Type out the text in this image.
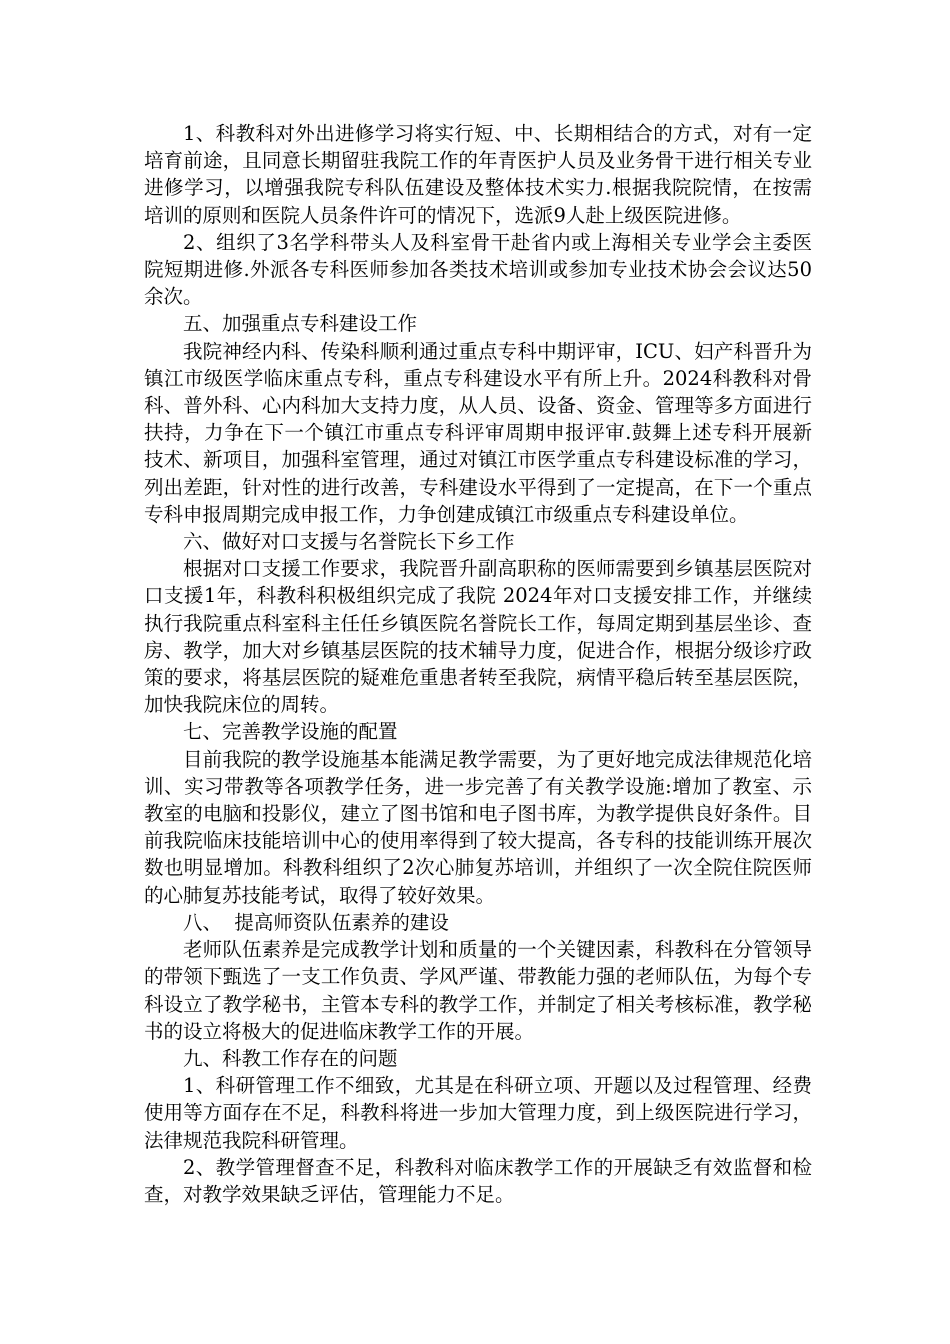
1、科教科对外出进修学习将实行短、中、长期相结合的方式，对有一定培育前途，且同意长期留驻我院工作的年青医护人员及业务骨干进行相关专业进修学习，以增强我院专科队伍建设及整体技术实力.根据我院院情，在按需培训的原则和医院人员条件许可的情况下，选派9人赴上级医院进修。

2、组织了3名学科带头人及科室骨干赴省内或上海相关专业学会主委医院短期进修.外派各专科医师参加各类技术培训或参加专业技术协会会议达50余次。

五、加强重点专科建设工作

我院神经内科、传染科顺利通过重点专科中期评审，ICU、妇产科晋升为镇江市级医学临床重点专科，重点专科建设水平有所上升。2024科教科对骨科、普外科、心内科加大支持力度，从人员、设备、资金、管理等多方面进行扶持，力争在下一个镇江市重点专科评审周期申报评审.鼓舞上述专科开展新技术、新项目，加强科室管理，通过对镇江市医学重点专科建设标准的学习，列出差距，针对性的进行改善，专科建设水平得到了一定提高，在下一个重点专科申报周期完成申报工作，力争创建成镇江市级重点专科建设单位。

六、做好对口支援与名誉院长下乡工作

根据对口支援工作要求，我院晋升副高职称的医师需要到乡镇基层医院对口支援1年，科教科积极组织完成了我院 2024年对口支援安排工作，并继续执行我院重点科室科主任任乡镇医院名誉院长工作，每周定期到基层坐诊、查房、教学，加大对乡镇基层医院的技术辅导力度，促进合作，根据分级诊疗政策的要求，将基层医院的疑难危重患者转至我院，病情平稳后转至基层医院，加快我院床位的周转。

七、完善教学设施的配置

目前我院的教学设施基本能满足教学需要，为了更好地完成法律规范化培训、实习带教等各项教学任务，进一步完善了有关教学设施:增加了教室、示教室的电脑和投影仪，建立了图书馆和电子图书库，为教学提供良好条件。目前我院临床技能培训中心的使用率得到了较大提高，各专科的技能训练开展次数也明显增加。科教科组织了2次心肺复苏培训，并组织了一次全院住院医师的心肺复苏技能考试，取得了较好效果。

八、  提高师资队伍素养的建设

老师队伍素养是完成教学计划和质量的一个关键因素，科教科在分管领导的带领下甄选了一支工作负责、学风严谨、带教能力强的老师队伍，为每个专科设立了教学秘书，主管本专科的教学工作，并制定了相关考核标准，教学秘书的设立将极大的促进临床教学工作的开展。

九、科教工作存在的问题

1、科研管理工作不细致，尤其是在科研立项、开题以及过程管理、经费使用等方面存在不足，科教科将进一步加大管理力度，到上级医院进行学习，法律规范我院科研管理。

2、教学管理督查不足，科教科对临床教学工作的开展缺乏有效监督和检查，对教学效果缺乏评估，管理能力不足。
